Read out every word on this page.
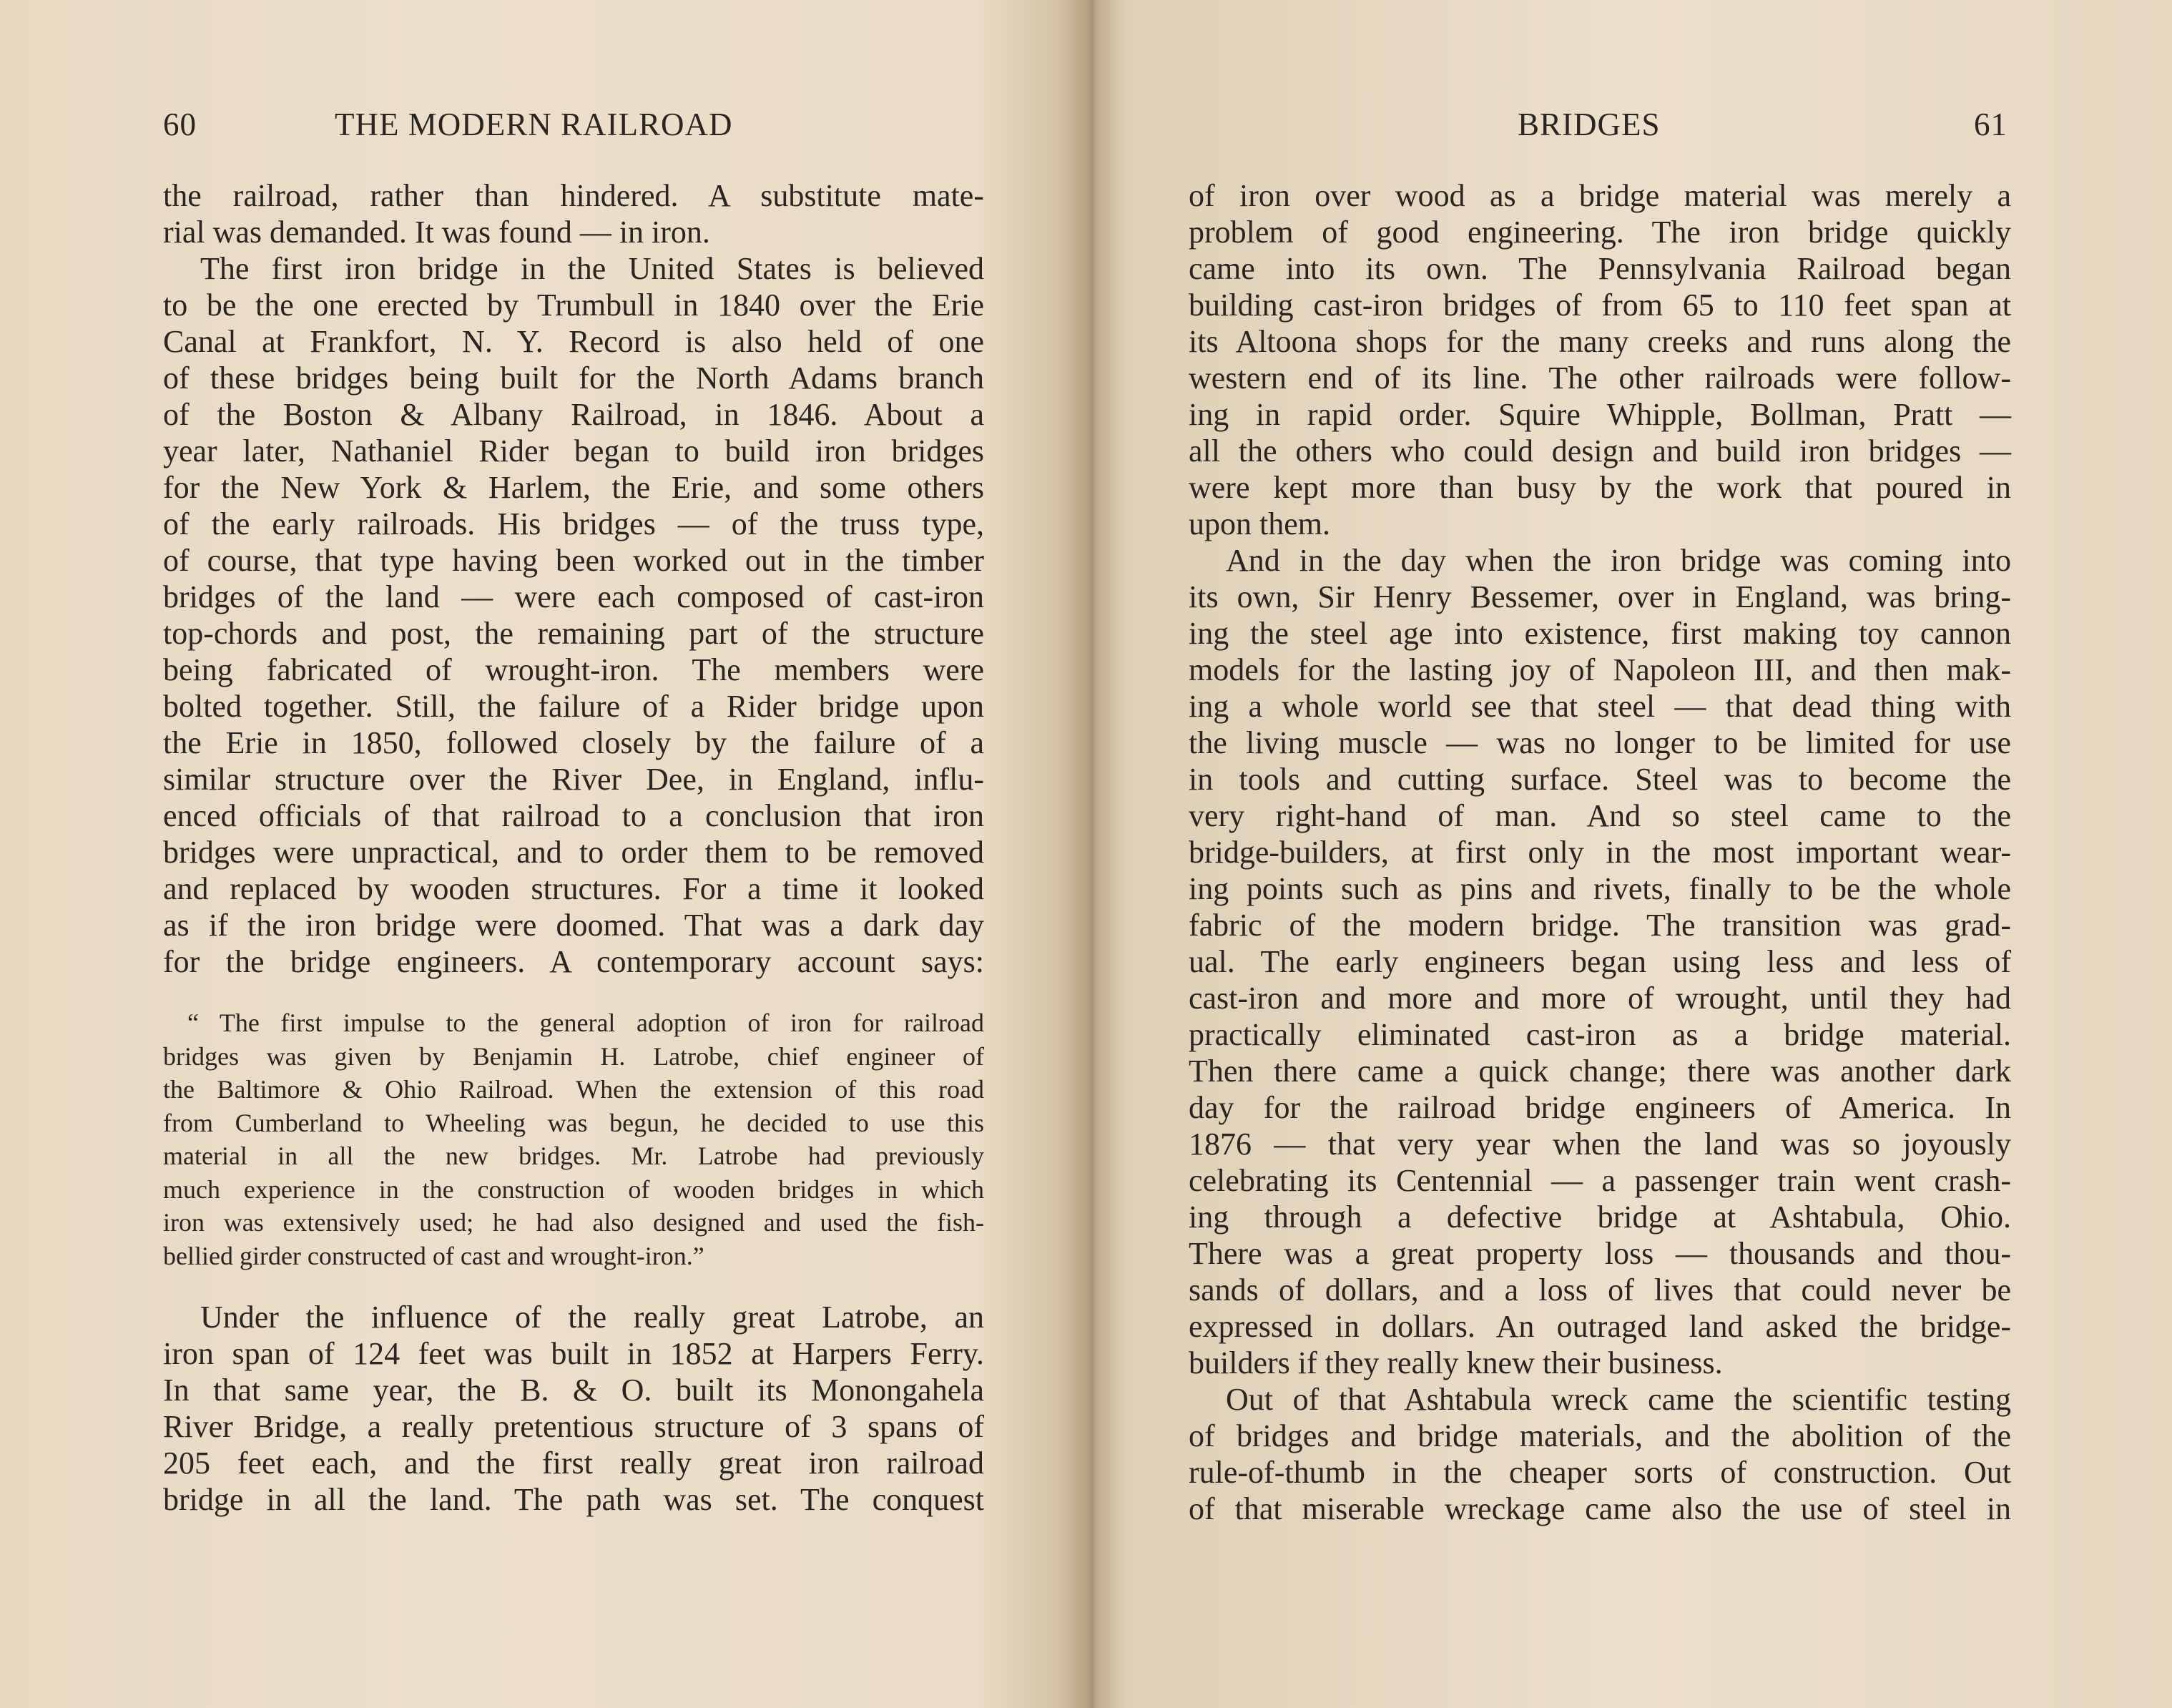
60	THE MODERN RAILROAD
the railroad, rather than hindered. A substitute mate-
rial was demanded. It was found — in iron.
The first iron bridge in the United States is believed
to be the one erected by Trumbull in 1840 over the Erie
Canal at Frankfort, N. Y. Record is also held of one
of these bridges being built for the North Adams branch
of the Boston & Albany Railroad, in 1846. About a
year later, Nathaniel Rider began to build iron bridges
for the New York & Harlem, the Erie, and some others
of the early railroads. His bridges — of the truss type,
of course, that type having been worked out in the timber
bridges of the land — were each composed of cast-iron
top-chords and post, the remaining part of the structure
being fabricated of wrought-iron. The members were
bolted together. Still, the failure of a Rider bridge upon
the Erie in 1850, followed closely by the failure of a
similar structure over the River Dee, in England, influ-
enced officials of that railroad to a conclusion that iron
bridges were unpractical, and to order them to be removed
and replaced by wooden structures. For a time it looked
as if the iron bridge were doomed. That was a dark day
for the bridge engineers. A contemporary account says:
“ The first impulse to the general adoption of iron for railroad
bridges was given by Benjamin H. Latrobe, chief engineer of
the Baltimore & Ohio Railroad. When the extension of this road
from Cumberland to Wheeling was begun, he decided to use this
material in all the new bridges. Mr. Latrobe had previously
much experience in the construction of wooden bridges in which
iron was extensively used; he had also designed and used the fish-
bellied girder constructed of cast and wrought-iron.”
Under the influence of the really great Latrobe, an
iron span of 124 feet was built in 1852 at Harpers Ferry.
In that same year, the B. & O. built its Monongahela
River Bridge, a really pretentious structure of 3 spans of
205 feet each, and the first really great iron railroad
bridge in all the land. The path was set. The conquest
BRIDGES	61
of iron over wood as a bridge material was merely a
problem of good engineering. The iron bridge quickly
came into its own. The Pennsylvania Railroad began
building cast-iron bridges of from 65 to 110 feet span at
its Altoona shops for the many creeks and runs along the
western end of its line. The other railroads were follow-
ing in rapid order. Squire Whipple, Bollman, Pratt —
all the others who could design and build iron bridges —
were kept more than busy by the work that poured in
upon them.
And in the day when the iron bridge was coming into
its own, Sir Henry Bessemer, over in England, was bring-
ing the steel age into existence, first making toy cannon
models for the lasting joy of Napoleon III, and then mak-
ing a whole world see that steel — that dead thing with
the living muscle — was no longer to be limited for use
in tools and cutting surface. Steel was to become the
very right-hand of man. And so steel came to the
bridge-builders, at first only in the most important wear-
ing points such as pins and rivets, finally to be the whole
fabric of the modern bridge. The transition was grad-
ual. The early engineers began using less and less of
cast-iron and more and more of wrought, until they had
practically eliminated cast-iron as a bridge material.
Then there came a quick change; there was another dark
day for the railroad bridge engineers of America. In
1876 — that very year when the land was so joyously
celebrating its Centennial — a passenger train went crash-
ing through a defective bridge at Ashtabula, Ohio.
There was a great property loss — thousands and thou-
sands of dollars, and a loss of lives that could never be
expressed in dollars. An outraged land asked the bridge-
builders if they really knew their business.
Out of that Ashtabula wreck came the scientific testing
of bridges and bridge materials, and the abolition of the
rule-of-thumb in the cheaper sorts of construction. Out
of that miserable wreckage came also the use of steel in
